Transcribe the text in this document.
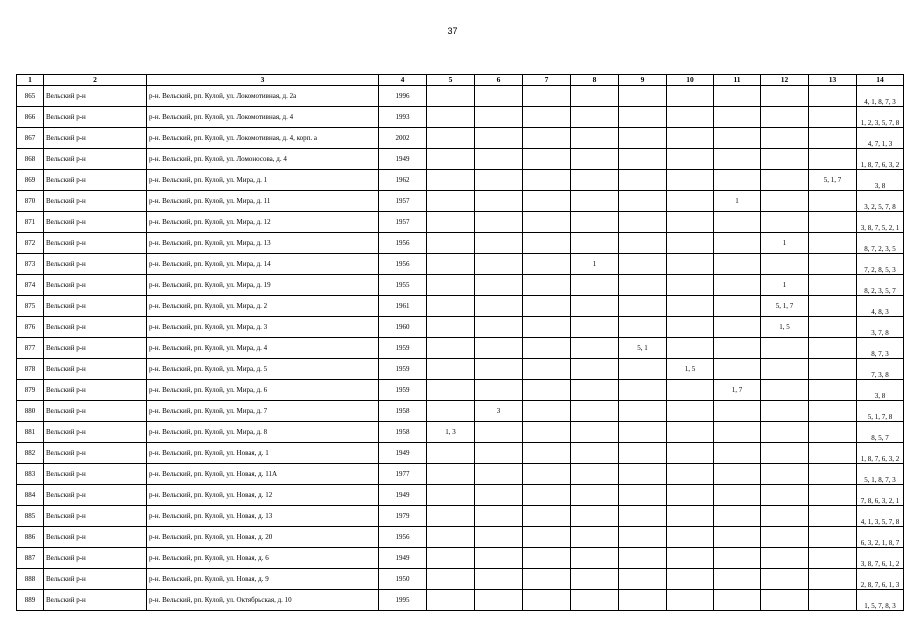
37
1	2	3	4	5	6	7	8	9	10	11	12	13	14
865	Вельский р-н	р-н. Вельский, рп. Кулой, ул. Локомотивная, д. 2а	1996										4, 1, 8, 7, 3
866	Вельский р-н	р-н. Вельский, рп. Кулой, ул. Локомотивная, д. 4	1993										1, 2, 3, 5, 7, 8
867	Вельский р-н	р-н. Вельский, рп. Кулой, ул. Локомотивная, д. 4, корп. а	2002										4, 7, 1, 3
868	Вельский р-н	р-н. Вельский, рп. Кулой, ул. Ломоносова, д. 4	1949										1, 8, 7, 6, 3, 2
869	Вельский р-н	р-н. Вельский, рп. Кулой, ул. Мира, д. 1	1962									5, 1, 7	3, 8
870	Вельский р-н	р-н. Вельский, рп. Кулой, ул. Мира, д. 11	1957							1			3, 2, 5, 7, 8
871	Вельский р-н	р-н. Вельский, рп. Кулой, ул. Мира, д. 12	1957										3, 8, 7, 5, 2, 1
872	Вельский р-н	р-н. Вельский, рп. Кулой, ул. Мира, д. 13	1956								1		8, 7, 2, 3, 5
873	Вельский р-н	р-н. Вельский, рп. Кулой, ул. Мира, д. 14	1956				1						7, 2, 8, 5, 3
874	Вельский р-н	р-н. Вельский, рп. Кулой, ул. Мира, д. 19	1955								1		8, 2, 3, 5, 7
875	Вельский р-н	р-н. Вельский, рп. Кулой, ул. Мира, д. 2	1961								5, 1, 7		4, 8, 3
876	Вельский р-н	р-н. Вельский, рп. Кулой, ул. Мира, д. 3	1960								1, 5		3, 7, 8
877	Вельский р-н	р-н. Вельский, рп. Кулой, ул. Мира, д. 4	1959					5, 1					8, 7, 3
878	Вельский р-н	р-н. Вельский, рп. Кулой, ул. Мира, д. 5	1959						1, 5				7, 3, 8
879	Вельский р-н	р-н. Вельский, рп. Кулой, ул. Мира, д. 6	1959							1, 7			3, 8
880	Вельский р-н	р-н. Вельский, рп. Кулой, ул. Мира, д. 7	1958		3								5, 1, 7, 8
881	Вельский р-н	р-н. Вельский, рп. Кулой, ул. Мира, д. 8	1958	1, 3									8, 5, 7
882	Вельский р-н	р-н. Вельский, рп. Кулой, ул. Новая, д. 1	1949										1, 8, 7, 6, 3, 2
883	Вельский р-н	р-н. Вельский, рп. Кулой, ул. Новая, д. 11А	1977										5, 1, 8, 7, 3
884	Вельский р-н	р-н. Вельский, рп. Кулой, ул. Новая, д. 12	1949										7, 8, 6, 3, 2, 1
885	Вельский р-н	р-н. Вельский, рп. Кулой, ул. Новая, д. 13	1979										4, 1, 3, 5, 7, 8
886	Вельский р-н	р-н. Вельский, рп. Кулой, ул. Новая, д. 20	1956										6, 3, 2, 1, 8, 7
887	Вельский р-н	р-н. Вельский, рп. Кулой, ул. Новая, д. 6	1949										3, 8, 7, 6, 1, 2
888	Вельский р-н	р-н. Вельский, рп. Кулой, ул. Новая, д. 9	1950										2, 8, 7, 6, 1, 3
889	Вельский р-н	р-н. Вельский, рп. Кулой, ул. Октябрьская, д. 10	1995										1, 5, 7, 8, 3
